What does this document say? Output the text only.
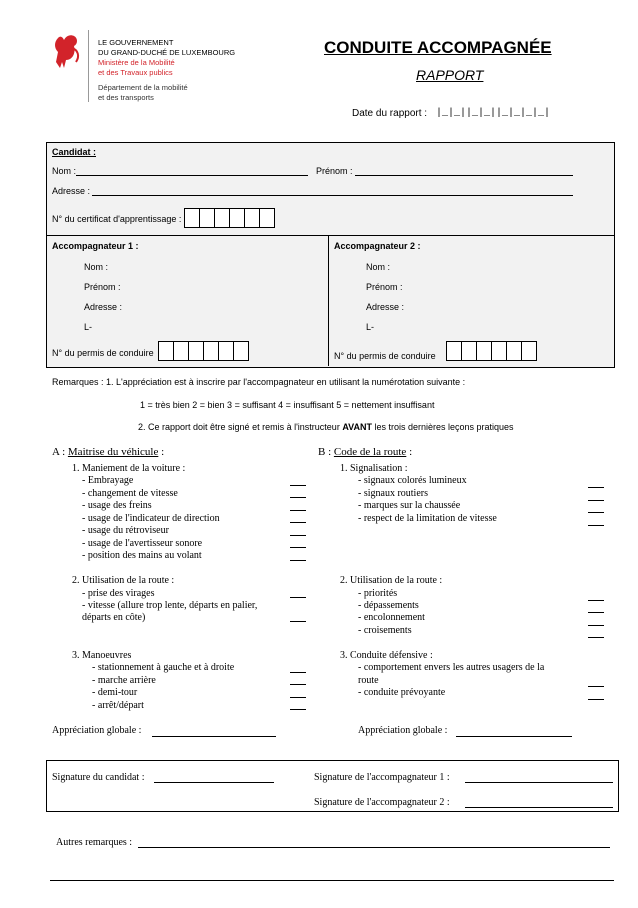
LE GOUVERNEMENT
DU GRAND-DUCHÉ DE LUXEMBOURG
Ministère de la Mobilité
et des Travaux publics
Département de la mobilité
et des transports
CONDUITE ACCOMPAGNÉE
RAPPORT
Date du rapport : |_|_||_|_||_|_|_|_|
Candidat :
Nom :	Prénom :
Adresse :
N° du certificat d'apprentissage :
Accompagnateur 1 :
Nom :
Prénom :
Adresse :
L-
N° du permis de conduire
Accompagnateur 2 :
Nom :
Prénom :
Adresse :
L-
N° du permis de conduire
Remarques : 1. L'appréciation est à inscrire par l'accompagnateur en utilisant la numérotation suivante :
1 = très bien 2 = bien 3 = suffisant 4 = insuffisant 5 = nettement insuffisant
2. Ce rapport doit être signé et remis à l'instructeur AVANT les trois dernières leçons pratiques
A : Maitrise du véhicule :
1. Maniement de la voiture :
- Embrayage
- changement de vitesse
- usage des freins
- usage de l'indicateur de direction
- usage du rétroviseur
- usage de l'avertisseur sonore
- position des mains au volant
2. Utilisation de la route :
- prise des virages
- vitesse (allure trop lente, départs en palier,
départs en côte)
3. Manoeuvres
- stationnement à gauche et à droite
- marche arrière
- demi-tour
- arrêt/départ
Appréciation globale :
B : Code de la route :
1. Signalisation :
- signaux colorés lumineux
- signaux routiers
- marques sur la chaussée
- respect de la limitation de vitesse
2. Utilisation de la route :
- priorités
- dépassements
- encolonnement
- croisements
3. Conduite défensive :
- comportement envers les autres usagers de la
route
- conduite prévoyante
Appréciation globale :
Signature du candidat :	Signature de l'accompagnateur 1 :
Signature de l'accompagnateur 2 :
Autres remarques :
